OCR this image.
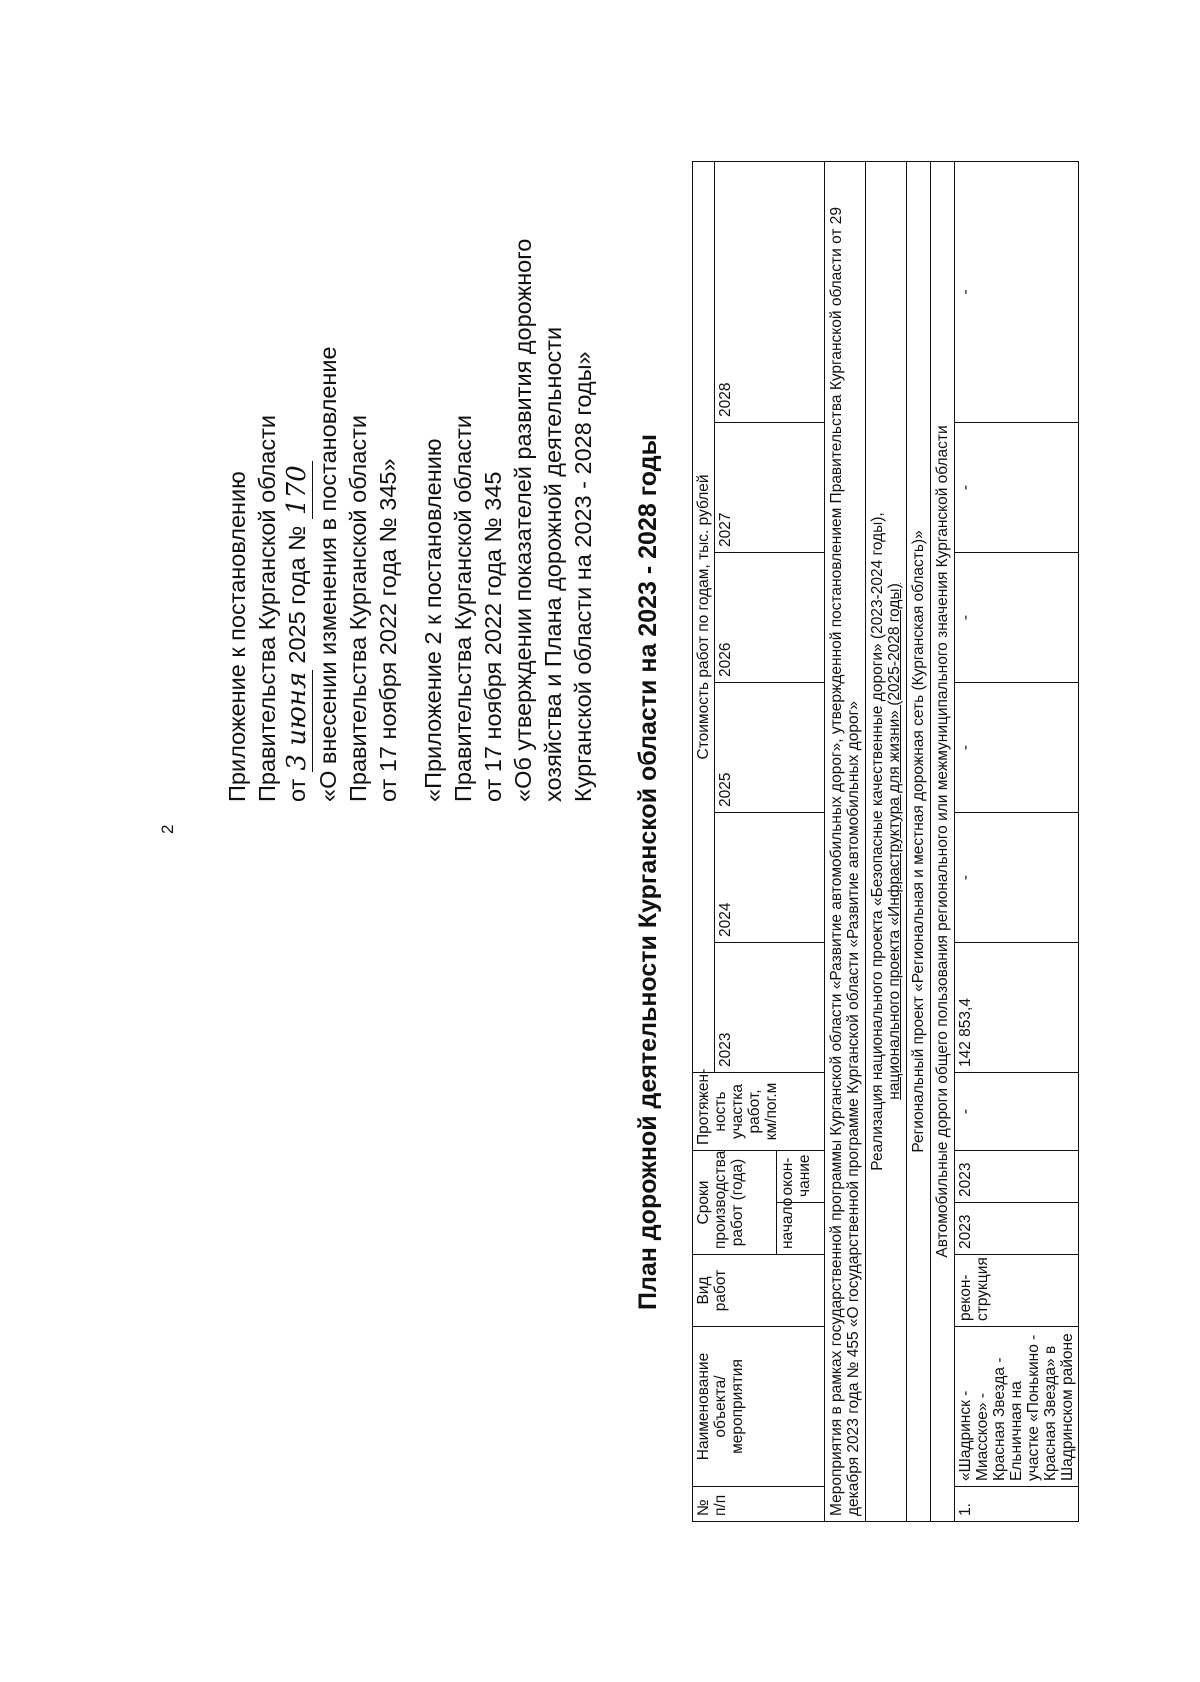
2
Приложение к постановлению Правительства Курганской области от 3 июня 2025 года № 170 «О внесении изменения в постановление Правительства Курганской области от 17 ноября 2022 года № 345» «Приложение 2 к постановлению Правительства Курганской области от 17 ноября 2022 года № 345 «Об утверждении показателей развития дорожного хозяйства и Плана дорожной деятельности Курганской области на 2023 - 2028 годы» План дорожной деятельности Курганской области на 2023 - 2028 годы
№ п/п	Наименование объекта/ мероприятия	Вид работ	Сроки производства работ (года)		Протяжен- ность участка работ, км/пог.м	Стоимость работ по годам, тыс. рублей					
						2023	2024	2025	2026	2027	2028
			начало	окон- чание							
Мероприятия в рамках государственной программы Курганской области «Развитие автомобильных дорог», утвержденной постановлением Правительства Курганской области от 29 декабря 2023 года № 455 «О государственной программе Курганской области «Развитие автомобильных дорог»											

Реализация национального проекта «Безопасные качественные дороги» (2023-2024 годы), национального проекта «Инфраструктура для жизни» (2025-2028 годы)											

Региональный проект «Региональная и местная дорожная сеть (Курганская область)»											
Автомобильные дороги общего пользования регионального или межмуниципального значения Курганской области											
1.	«Шадринск - Миасское» - Красная Звезда - Ельничная на участке «Понькино - Красная Звезда» в Шадринском районе	рекон- струкция	2023	2023	-	142 853,4	-	-	-	-	-
